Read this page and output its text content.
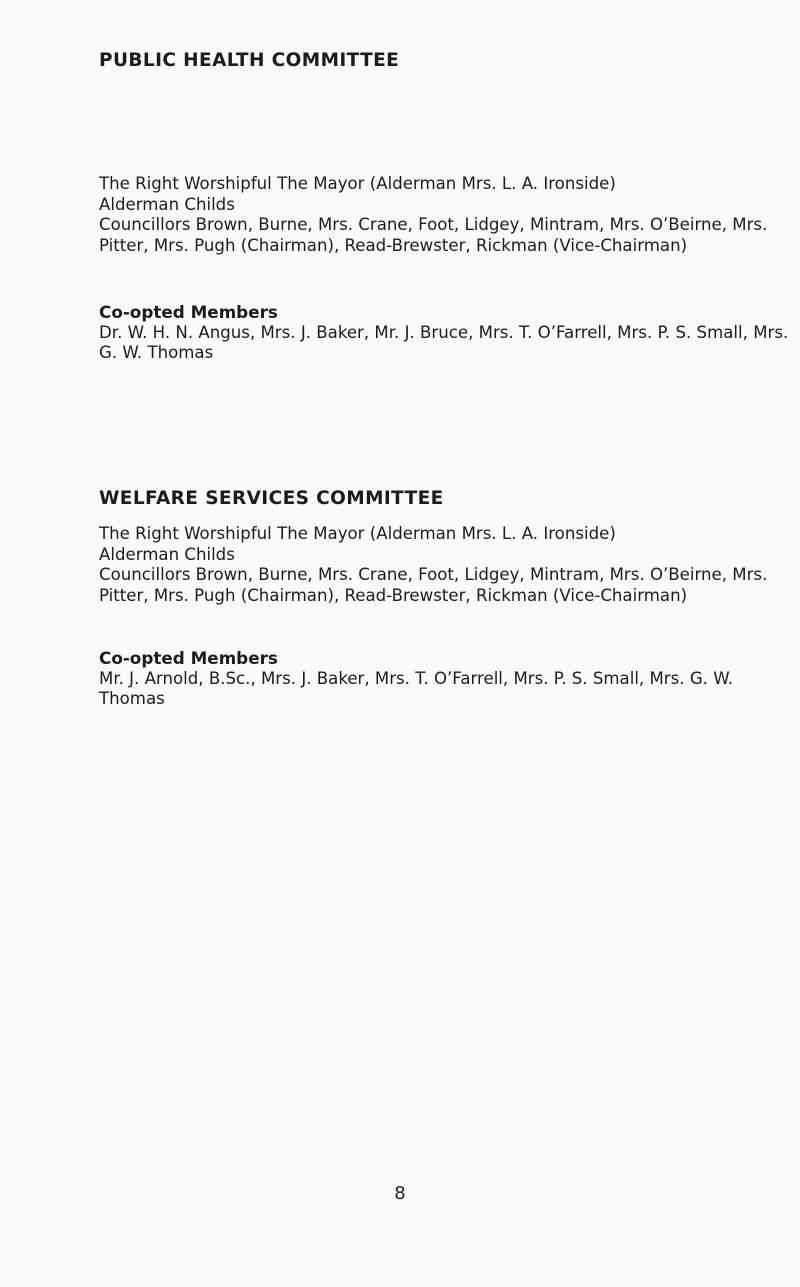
PUBLIC HEALTH COMMITTEE

The Right Worshipful The Mayor (Alderman Mrs. L. A. Ironside)

Alderman Childs

Councillors Brown, Burne, Mrs. Crane, Foot, Lidgey, Mintram, Mrs. O’Beirne, Mrs. Pitter, Mrs. Pugh (Chairman), Read-Brewster, Rickman (Vice-Chairman)

Co-opted Members

Dr. W. H. N. Angus, Mrs. J. Baker, Mr. J. Bruce, Mrs. T. O’Farrell, Mrs. P. S. Small, Mrs. G. W. Thomas

WELFARE SERVICES COMMITTEE

The Right Worshipful The Mayor (Alderman Mrs. L. A. Ironside)

Alderman Childs

Councillors Brown, Burne, Mrs. Crane, Foot, Lidgey, Mintram, Mrs. O’Beirne, Mrs. Pitter, Mrs. Pugh (Chairman), Read-Brewster, Rickman (Vice-Chairman)

Co-opted Members

Mr. J. Arnold, B.Sc., Mrs. J. Baker, Mrs. T. O’Farrell, Mrs. P. S. Small, Mrs. G. W. Thomas

8
